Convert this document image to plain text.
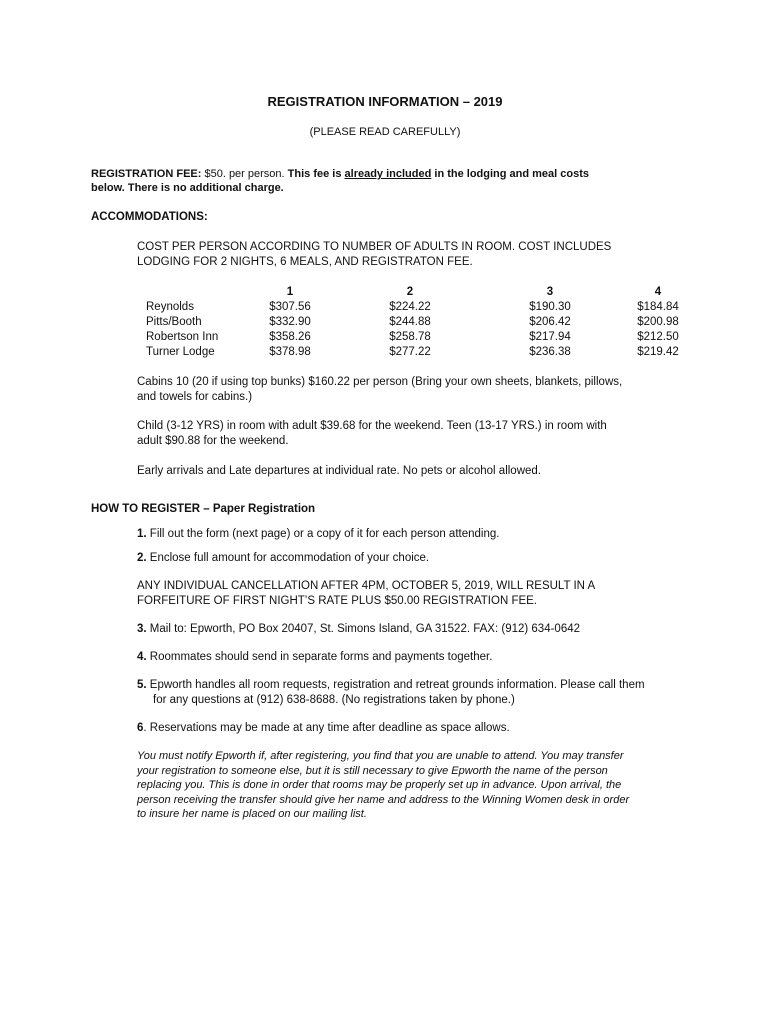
REGISTRATION INFORMATION – 2019
(PLEASE READ CAREFULLY)
REGISTRATION FEE: $50. per person. This fee is already included in the lodging and meal costs
below. There is no additional charge.
ACCOMMODATIONS:
COST PER PERSON ACCORDING TO NUMBER OF ADULTS IN ROOM. COST INCLUDES
LODGING FOR 2 NIGHTS, 6 MEALS, AND REGISTRATON FEE.
	1	2	3	4
Reynolds	$307.56	$224.22	$190.30	$184.84
Pitts/Booth	$332.90	$244.88	$206.42	$200.98
Robertson Inn	$358.26	$258.78	$217.94	$212.50
Turner Lodge	$378.98	$277.22	$236.38	$219.42
Cabins 10 (20 if using top bunks) $160.22 per person (Bring your own sheets, blankets, pillows,
and towels for cabins.)
Child (3-12 YRS) in room with adult $39.68 for the weekend. Teen (13-17 YRS.) in room with
adult $90.88 for the weekend.
Early arrivals and Late departures at individual rate. No pets or alcohol allowed.
HOW TO REGISTER – Paper Registration
1. Fill out the form (next page) or a copy of it for each person attending.
2. Enclose full amount for accommodation of your choice.
ANY INDIVIDUAL CANCELLATION AFTER 4PM, OCTOBER 5, 2019, WILL RESULT IN A
FORFEITURE OF FIRST NIGHT’S RATE PLUS $50.00 REGISTRATION FEE.
3. Mail to: Epworth, PO Box 20407, St. Simons Island, GA 31522. FAX: (912) 634-0642
4. Roommates should send in separate forms and payments together.
5. Epworth handles all room requests, registration and retreat grounds information. Please call them
for any questions at (912) 638-8688. (No registrations taken by phone.)
6. Reservations may be made at any time after deadline as space allows.
You must notify Epworth if, after registering, you find that you are unable to attend. You may transfer
your registration to someone else, but it is still necessary to give Epworth the name of the person
replacing you. This is done in order that rooms may be properly set up in advance. Upon arrival, the
person receiving the transfer should give her name and address to the Winning Women desk in order
to insure her name is placed on our mailing list.
